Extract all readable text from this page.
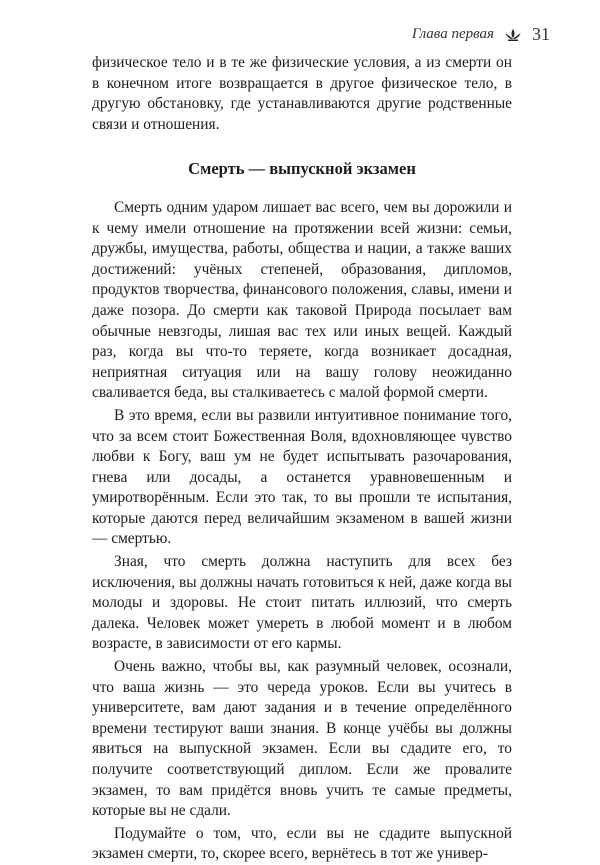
Глава первая 31

физическое тело и в те же физические условия, а из смерти он в конечном итоге возвращается в другое физическое тело, в другую обстановку, где устанавливаются другие родственные связи и отношения.

Смерть — выпускной экзамен

Смерть одним ударом лишает вас всего, чем вы дорожили и к чему имели отношение на протяжении всей жизни: семьи, дружбы, имущества, работы, общества и нации, а также ваших достижений: учёных степеней, образования, дипломов, продуктов творчества, финансового положения, славы, имени и даже позора. До смерти как таковой Природа посылает вам обычные невзгоды, лишая вас тех или иных вещей. Каждый раз, когда вы что-то теряете, когда возникает досадная, неприятная ситуация или на вашу голову неожиданно сваливается беда, вы сталкиваетесь с малой формой смерти.

В это время, если вы развили интуитивное понимание того, что за всем стоит Божественная Воля, вдохновляющее чувство любви к Богу, ваш ум не будет испытывать разочарования, гнева или досады, а останется уравновешенным и умиротворённым. Если это так, то вы прошли те испытания, которые даются перед величайшим экзаменом в вашей жизни — смертью.

Зная, что смерть должна наступить для всех без исключения, вы должны начать готовиться к ней, даже когда вы молоды и здоровы. Не стоит питать иллюзий, что смерть далека. Человек может умереть в любой момент и в любом возрасте, в зависимости от его кармы.

Очень важно, чтобы вы, как разумный человек, осознали, что ваша жизнь — это череда уроков. Если вы учитесь в университете, вам дают задания и в течение определённого времени тестируют ваши знания. В конце учёбы вы должны явиться на выпускной экзамен. Если вы сдадите его, то получите соответствующий диплом. Если же провалите экзамен, то вам придётся вновь учить те самые предметы, которые вы не сдали.

Подумайте о том, что, если вы не сдадите выпускной экзамен смерти, то, скорее всего, вернётесь в тот же универ-
